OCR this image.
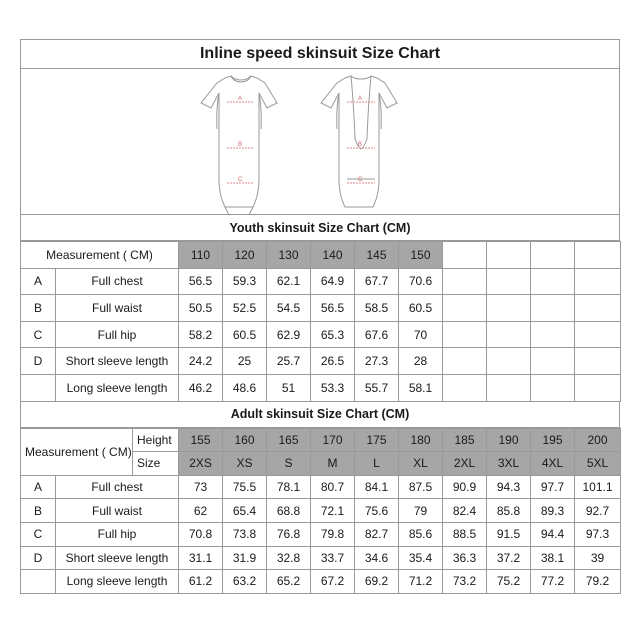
Inline speed skinsuit Size Chart
A
B
C
A
B
C
Youth skinsuit Size Chart (CM)
Measurement ( CM)		110	120	130	140	145	150				
A	Full chest	56.5	59.3	62.1	64.9	67.7	70.6				
B	Full waist	50.5	52.5	54.5	56.5	58.5	60.5				
C	Full hip	58.2	60.5	62.9	65.3	67.6	70				
D	Short sleeve length	24.2	25	25.7	26.5	27.3	28				
	Long sleeve length	46.2	48.6	51	53.3	55.7	58.1				
Adult skinsuit Size Chart (CM)
Measurement ( CM)		Height	155	160	165	170	175	180	185	190	195	200
		Size	2XS	XS	S	M	L	XL	2XL	3XL	4XL	5XL
A	Full chest		73	75.5	78.1	80.7	84.1	87.5	90.9	94.3	97.7	101.1
B	Full waist		62	65.4	68.8	72.1	75.6	79	82.4	85.8	89.3	92.7
C	Full hip		70.8	73.8	76.8	79.8	82.7	85.6	88.5	91.5	94.4	97.3
D	Short sleeve length		31.1	31.9	32.8	33.7	34.6	35.4	36.3	37.2	38.1	39
	Long sleeve length		61.2	63.2	65.2	67.2	69.2	71.2	73.2	75.2	77.2	79.2
